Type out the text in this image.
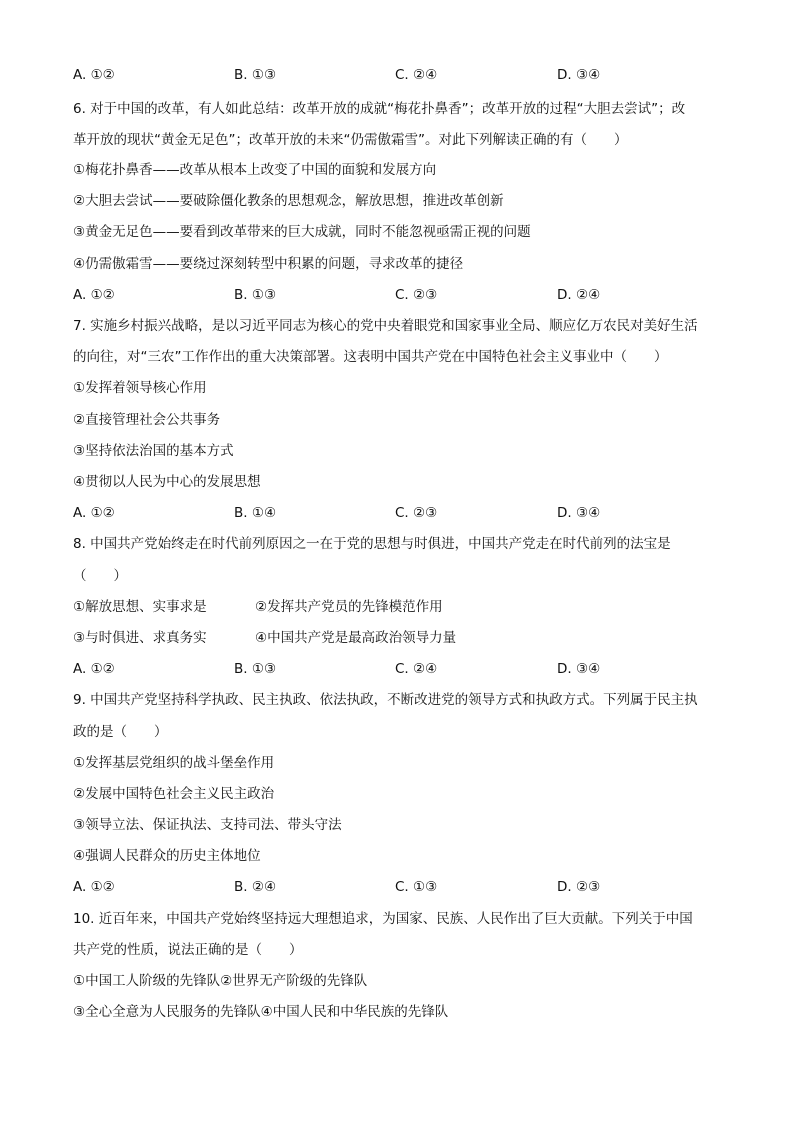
A. ①②	B. ①③	C. ②④	D. ③④
6. 对于中国的改革，有人如此总结：改革开放的成就“梅花扑鼻香”；改革开放的过程“大胆去尝试”；改
革开放的现状“黄金无足色”；改革开放的未来“仍需傲霜雪”。对此下列解读正确的有（　　）
①梅花扑鼻香——改革从根本上改变了中国的面貌和发展方向
②大胆去尝试——要破除僵化教条的思想观念，解放思想，推进改革创新
③黄金无足色——要看到改革带来的巨大成就，同时不能忽视亟需正视的问题
④仍需傲霜雪——要绕过深刻转型中积累的问题，寻求改革的捷径
A. ①②	B. ①③	C. ②③	D. ②④
7. 实施乡村振兴战略，是以习近平同志为核心的党中央着眼党和国家事业全局、顺应亿万农民对美好生活
的向往，对“三农”工作作出的重大决策部署。这表明中国共产党在中国特色社会主义事业中（　　）
①发挥着领导核心作用
②直接管理社会公共事务
③坚持依法治国的基本方式
④贯彻以人民为中心的发展思想
A. ①②	B. ①④	C. ②③	D. ③④
8. 中国共产党始终走在时代前列原因之一在于党的思想与时俱进，中国共产党走在时代前列的法宝是
（　　）
①解放思想、实事求是	②发挥共产党员的先锋模范作用
③与时俱进、求真务实	④中国共产党是最高政治领导力量
A. ①②	B. ①③	C. ②④	D. ③④
9. 中国共产党坚持科学执政、民主执政、依法执政，不断改进党的领导方式和执政方式。下列属于民主执
政的是（　　）
①发挥基层党组织的战斗堡垒作用
②发展中国特色社会主义民主政治
③领导立法、保证执法、支持司法、带头守法
④强调人民群众的历史主体地位
A. ①②	B. ②④	C. ①③	D. ②③
10. 近百年来，中国共产党始终坚持远大理想追求，为国家、民族、人民作出了巨大贡献。下列关于中国
共产党的性质，说法正确的是（　　）
①中国工人阶级的先锋队②世界无产阶级的先锋队
③全心全意为人民服务的先锋队④中国人民和中华民族的先锋队
